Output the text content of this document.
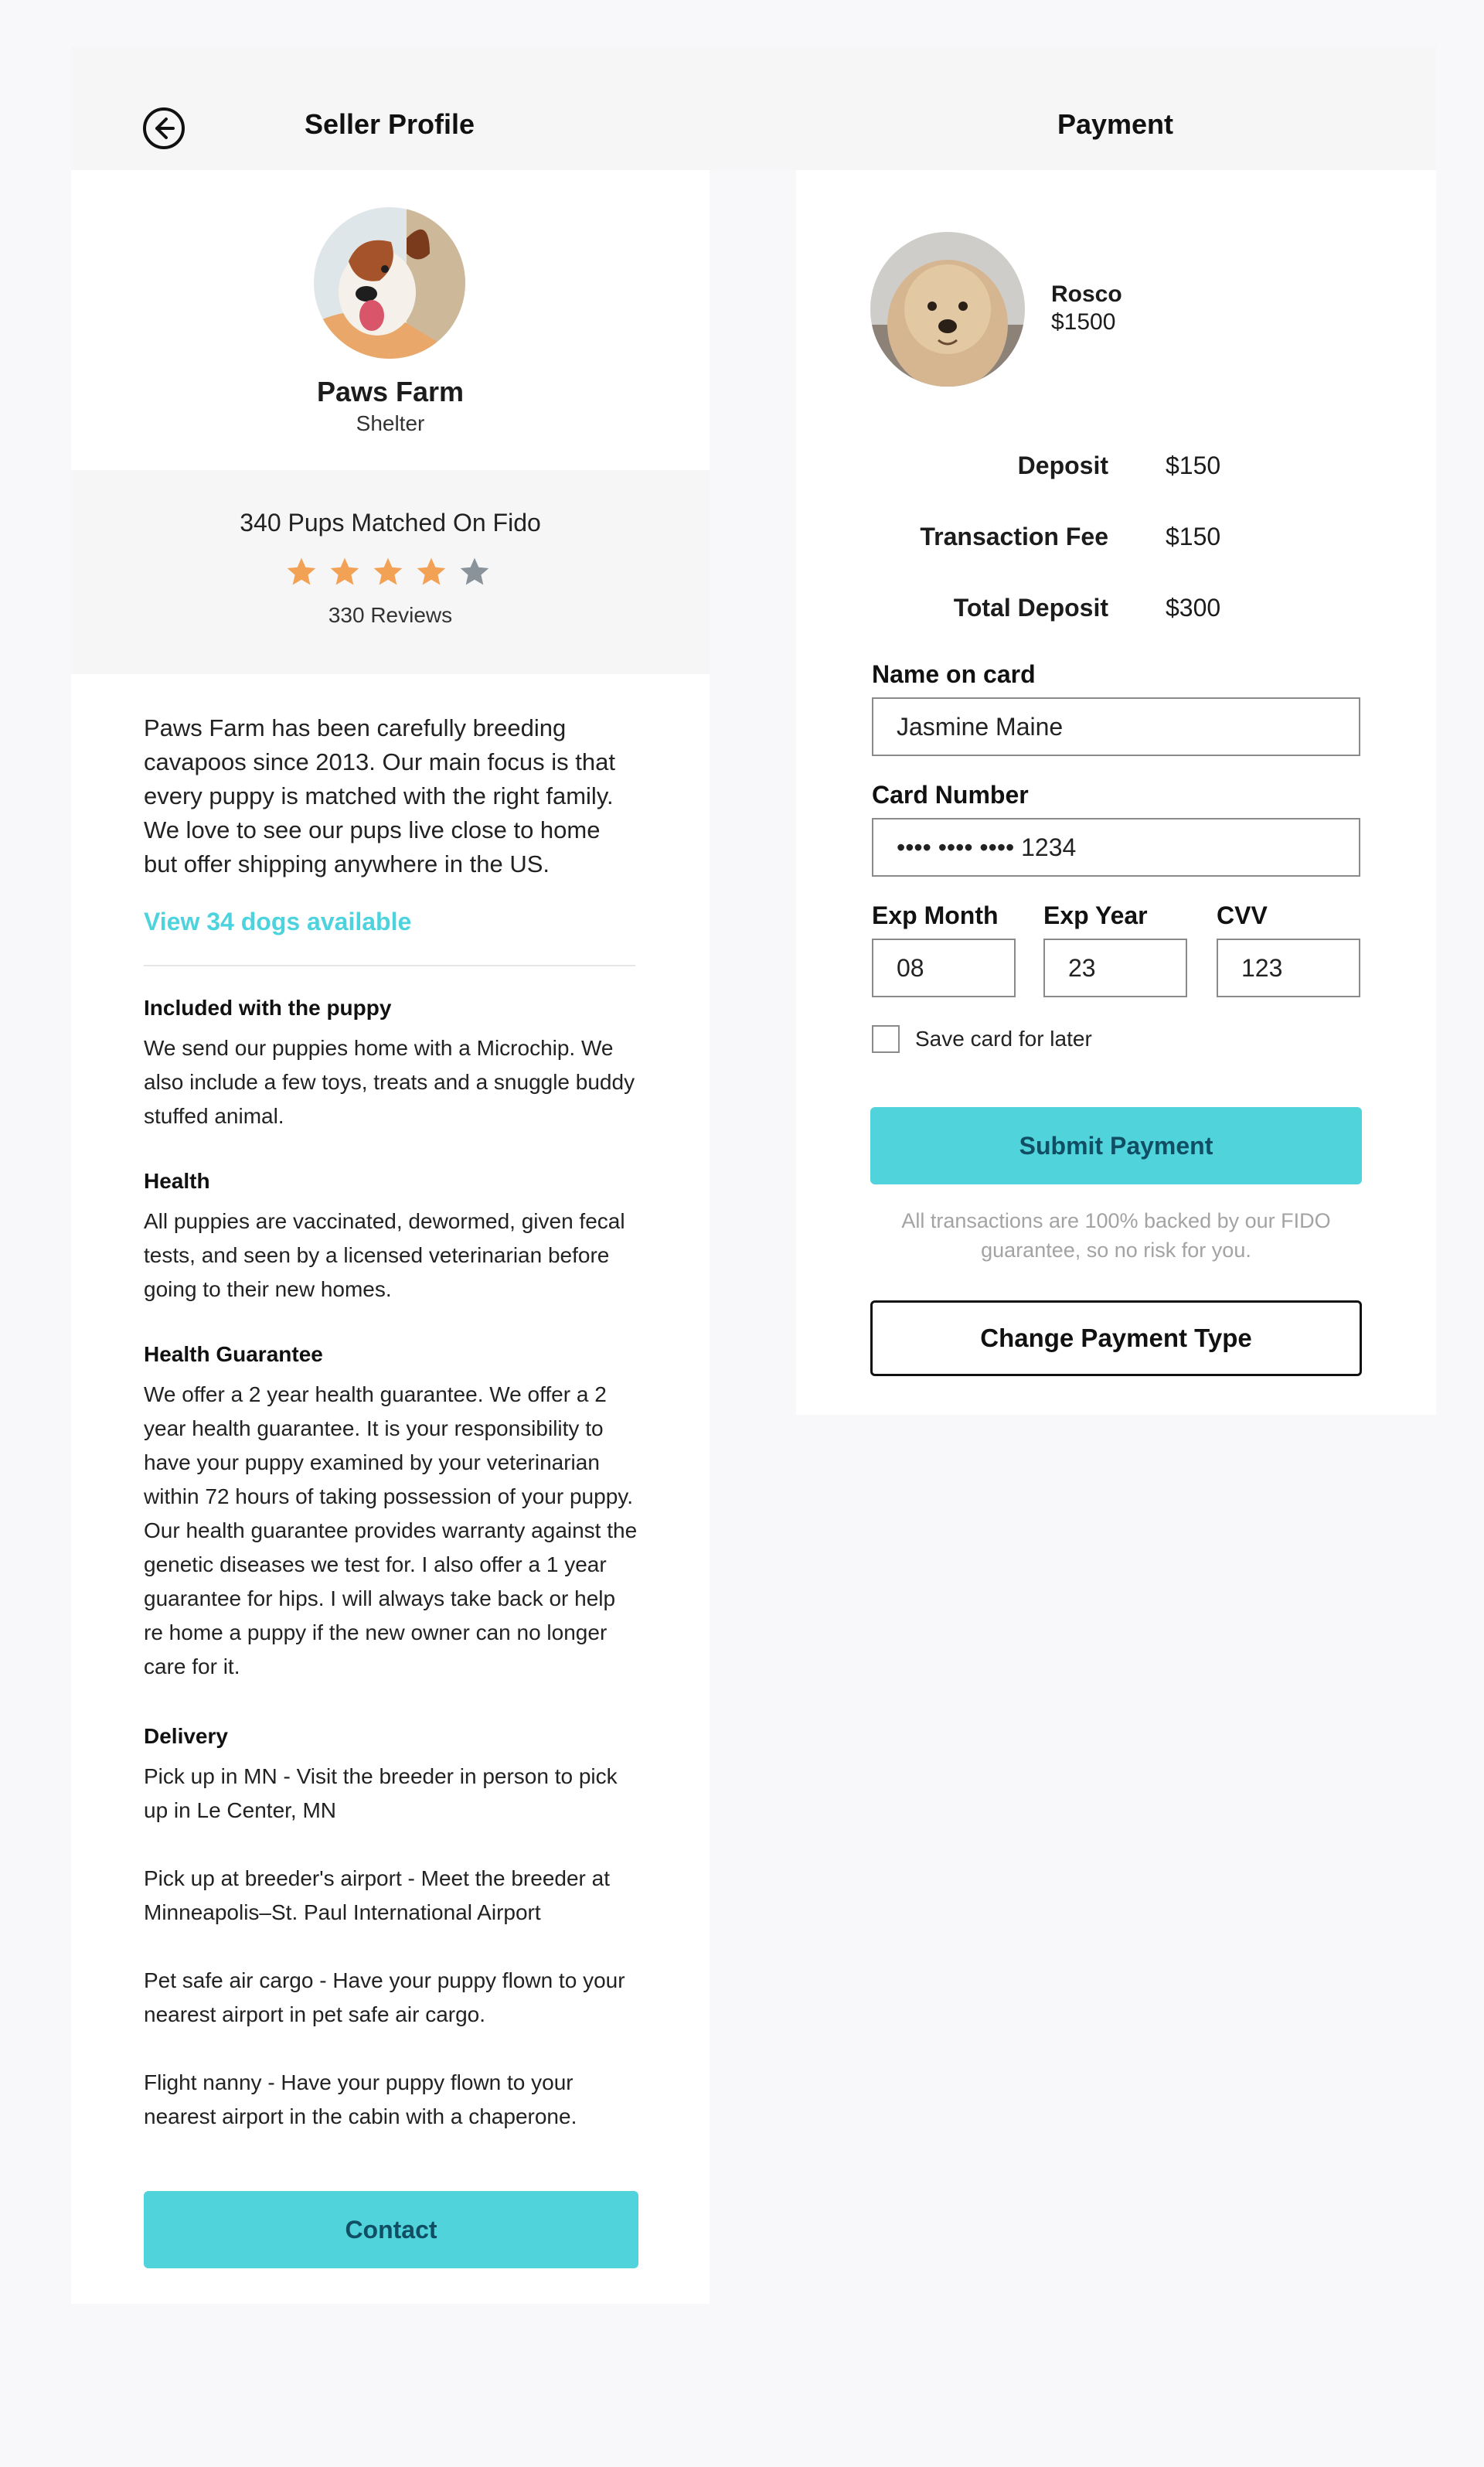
Seller Profile	Payment
Paws Farm
Shelter
340 Pups Matched On Fido
330 Reviews
Paws Farm has been carefully breeding cavapoos since 2013. Our main focus is that every puppy is matched with the right family. We love to see our pups live close to home but offer shipping anywhere in the US.
View 34 dogs available
Included with the puppy
We send our puppies home with a Microchip. We also include a few toys, treats and a snuggle buddy stuffed animal.
Health
All puppies are vaccinated, dewormed, given fecal tests, and seen by a licensed veterinarian before going to their new homes.
Health Guarantee
We offer a 2 year health guarantee. We offer a 2 year health guarantee. It is your responsibility to have your puppy examined by your veterinarian within 72 hours of taking possession of your puppy. Our health guarantee provides warranty against the genetic diseases we test for. I also offer a 1 year guarantee for hips. I will always take back or help re home a puppy if the new owner can no longer care for it.
Delivery
Pick up in MN - Visit the breeder in person to pick up in Le Center, MN
Pick up at breeder's airport - Meet the breeder at Minneapolis–St. Paul International Airport
Pet safe air cargo - Have your puppy flown to your nearest airport in pet safe air cargo.
Flight nanny - Have your puppy flown to your nearest airport in the cabin with a chaperone.
Contact
Rosco
$1500
Deposit $150
Transaction Fee $150
Total Deposit $300
Name on card
Jasmine Maine
Card Number
•••• •••• •••• 1234
Exp Month
08
Exp Year
23
CVV
123
Save card for later
Submit Payment
All transactions are 100% backed by our FIDO guarantee, so no risk for you.
Change Payment Type
